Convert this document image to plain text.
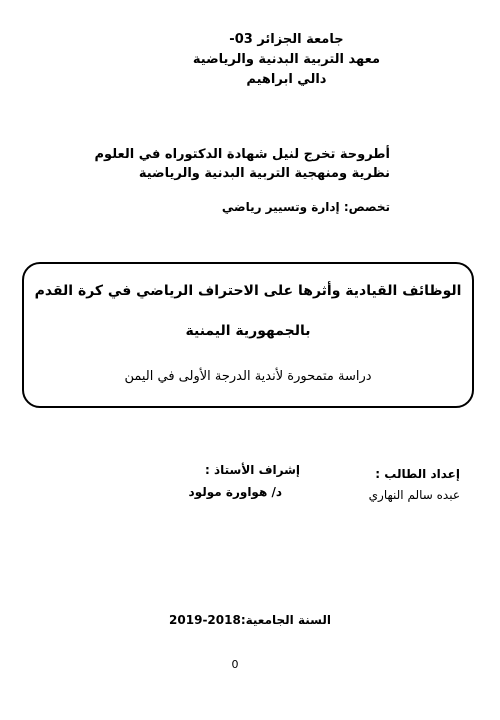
جامعة الجزائر 03-
معهد التربية البدنية والرياضية
دالي ابراهيم
أطروحة تخرج لنيل شهادة الدكتوراه في العلوم
نظرية ومنهجية التربية البدنية والرياضية
تخصص: إدارة وتسيير رياضي
الوظائف القيادية وأثرها على الاحتراف الرياضي في كرة القدم
بالجمهورية اليمنية
دراسة متمحورة لأندية الدرجة الأولى في اليمن
إعداد الطالب :
عبده سالم النهاري
إشراف الأستاذ :
د/ هواورة مولود
السنة الجامعية:2018-2019
0
